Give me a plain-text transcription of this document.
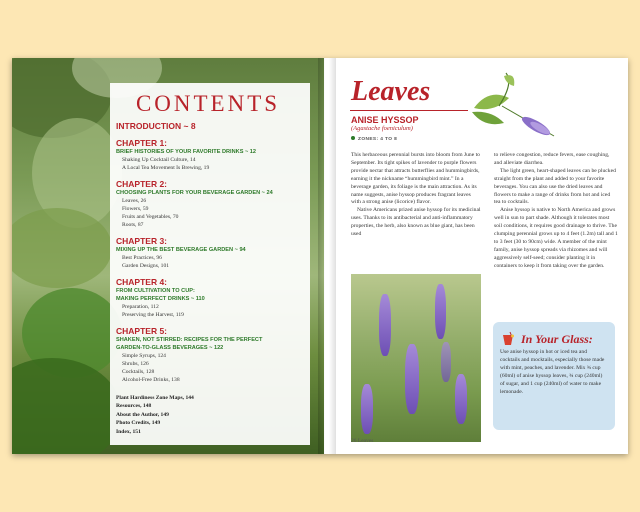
CONTENTS
INTRODUCTION ~ 8
CHAPTER 1:
BRIEF HISTORIES OF YOUR FAVORITE DRINKS ~ 12
Shaking Up Cocktail Culture, 14
A Local Tea Movement Is Brewing, 19
CHAPTER 2:
CHOOSING PLANTS FOR YOUR BEVERAGE GARDEN ~ 24
Leaves, 26
Flowers, 59
Fruits and Vegetables, 70
Roots, 87
CHAPTER 3:
MIXING UP THE BEST BEVERAGE GARDEN ~ 94
Best Practices, 96
Garden Designs, 101
CHAPTER 4:
FROM CULTIVATION TO CUP:
MAKING PERFECT DRINKS ~ 110
Preparation, 112
Preserving the Harvest, 119
CHAPTER 5:
SHAKEN, NOT STIRRED: RECIPES FOR THE PERFECT
GARDEN-TO-GLASS BEVERAGES ~ 122
Simple Syrups, 124
Shrubs, 126
Cocktails, 128
Alcohol-Free Drinks, 138
Plant Hardiness Zone Maps, 144
Resources, 148
About the Author, 149
Photo Credits, 149
Index, 151
Leaves
ANISE HYSSOP
(Agastache foeniculum)
ZONES: 4 TO 8

This herbaceous perennial bursts into bloom from June to September. Its tight spikes of lavender to purple flowers provide nectar that attracts butterflies and hummingbirds, earning it the nickname “hummingbird mint.” In a beverage garden, its foliage is the main attraction. As its name suggests, anise hyssop produces fragrant leaves with a strong anise (licorice) flavor.

Native Americans prized anise hyssop for its medicinal uses. Thanks to its antibacterial and anti-inflammatory properties, the herb, also known as blue giant, has been used

to relieve congestion, reduce fevers, ease coughing, and alleviate diarrhea.

The light green, heart-shaped leaves can be plucked straight from the plant and added to your favorite beverages. You can also use the dried leaves and flowers to make a range of drinks from hot and iced tea to cocktails.

Anise hyssop is native to North America and grows well in sun to part shade. Although it tolerates most soil conditions, it requires good drainage to thrive. The clumping perennial grows up to 4 feet (1.2m) tall and 1 to 3 feet (30 to 90cm) wide. A member of the mint family, anise hyssop spreads via rhizomes and will aggressively self-seed; consider planting it in containers to keep it from taking over the garden.

In Your Glass:
Use anise hyssop in hot or iced tea and cocktails and mocktails, especially those made with mint, peaches, and lavender. Mix ¾ cup (60ml) of anise hyssop leaves, ¾ cup (240ml) of sugar, and 1 cup (240ml) of water to make lemonade.
26 Leaves
